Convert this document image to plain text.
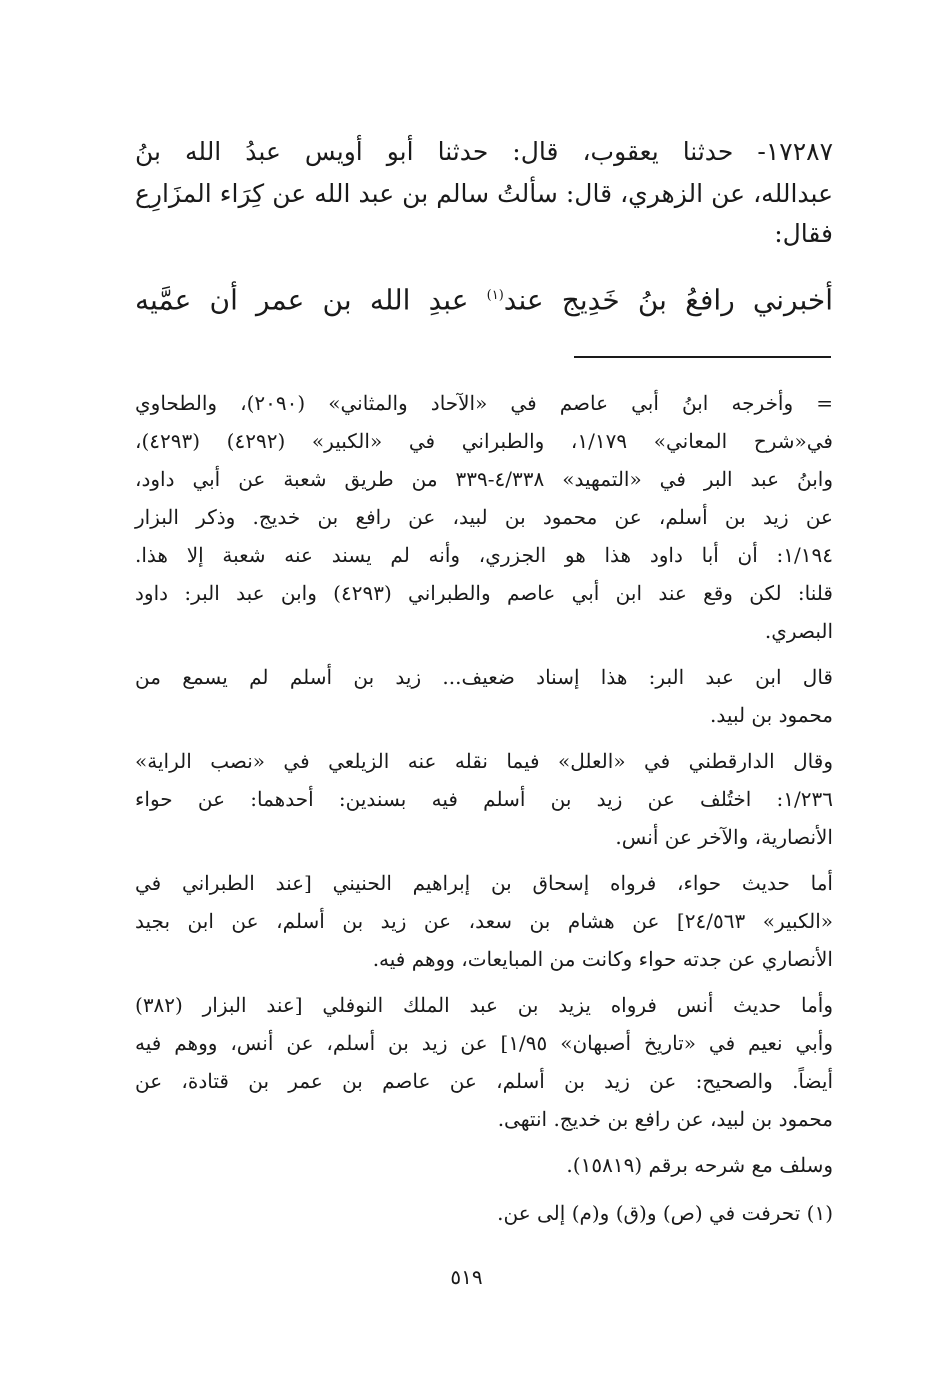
١٧٢٨٧- حدثنا يعقوب، قال: حدثنا أبو أويس عبدُ الله بنُ
عبدالله، عن الزهري، قال: سألتُ سالم بن عبد الله عن كِرَاء المزَارِع
فقال:
أخبرني رافعُ بنُ خَدِيج عند$^{(١)}$ عبدِ الله بن عمر أن عمَّيه
= وأخرجه ابنُ أبي عاصم في «الآحاد والمثاني» (٢٠٩٠)، والطحاوي
في«شرح المعاني» ١/١٧٩، والطبراني في «الكبير» (٤٢٩٢) (٤٢٩٣)،
وابنُ عبد البر في «التمهيد» ٤/٣٣٨-٣٣٩ من طريق شعبة عن أبي داود،
عن زيد بن أسلم، عن محمود بن لبيد، عن رافع بن خديج. وذكر البزار
١/١٩٤: أن أبا داود هذا هو الجزري، وأنه لم يسند عنه شعبة إلا هذا.
قلنا: لكن وقع عند ابن أبي عاصم والطبراني (٤٢٩٣) وابن عبد البر: داود
البصري.
قال ابن عبد البر: هذا إسناد ضعيف... زيد بن أسلم لم يسمع من
محمود بن لبيد.
وقال الدارقطني في «العلل» فيما نقله عنه الزيلعي في «نصب الراية»
١/٢٣٦: اختُلف عن زيد بن أسلم فيه بسندين: أحدهما: عن حواء
الأنصارية، والآخر عن أنس.
أما حديث حواء، فرواه إسحاق بن إبراهيم الحنيني [عند الطبراني في
«الكبير» ٢٤/٥٦٣] عن هشام بن سعد، عن زيد بن أسلم، عن ابن بجيد
الأنصاري عن جدته حواء وكانت من المبايعات، ووهم فيه.
وأما حديث أنس فرواه يزيد بن عبد الملك النوفلي [عند البزار (٣٨٢)
وأبي نعيم في «تاريخ أصبهان» ١/٩٥] عن زيد بن أسلم، عن أنس، ووهم فيه
أيضاً. والصحيح: عن زيد بن أسلم، عن عاصم بن عمر بن قتادة، عن
محمود بن لبيد، عن رافع بن خديج. انتهى.
وسلف مع شرحه برقم (١٥٨١٩).
(١) تحرفت في (ص) و(ق) و(م) إلى عن.
٥١٩
